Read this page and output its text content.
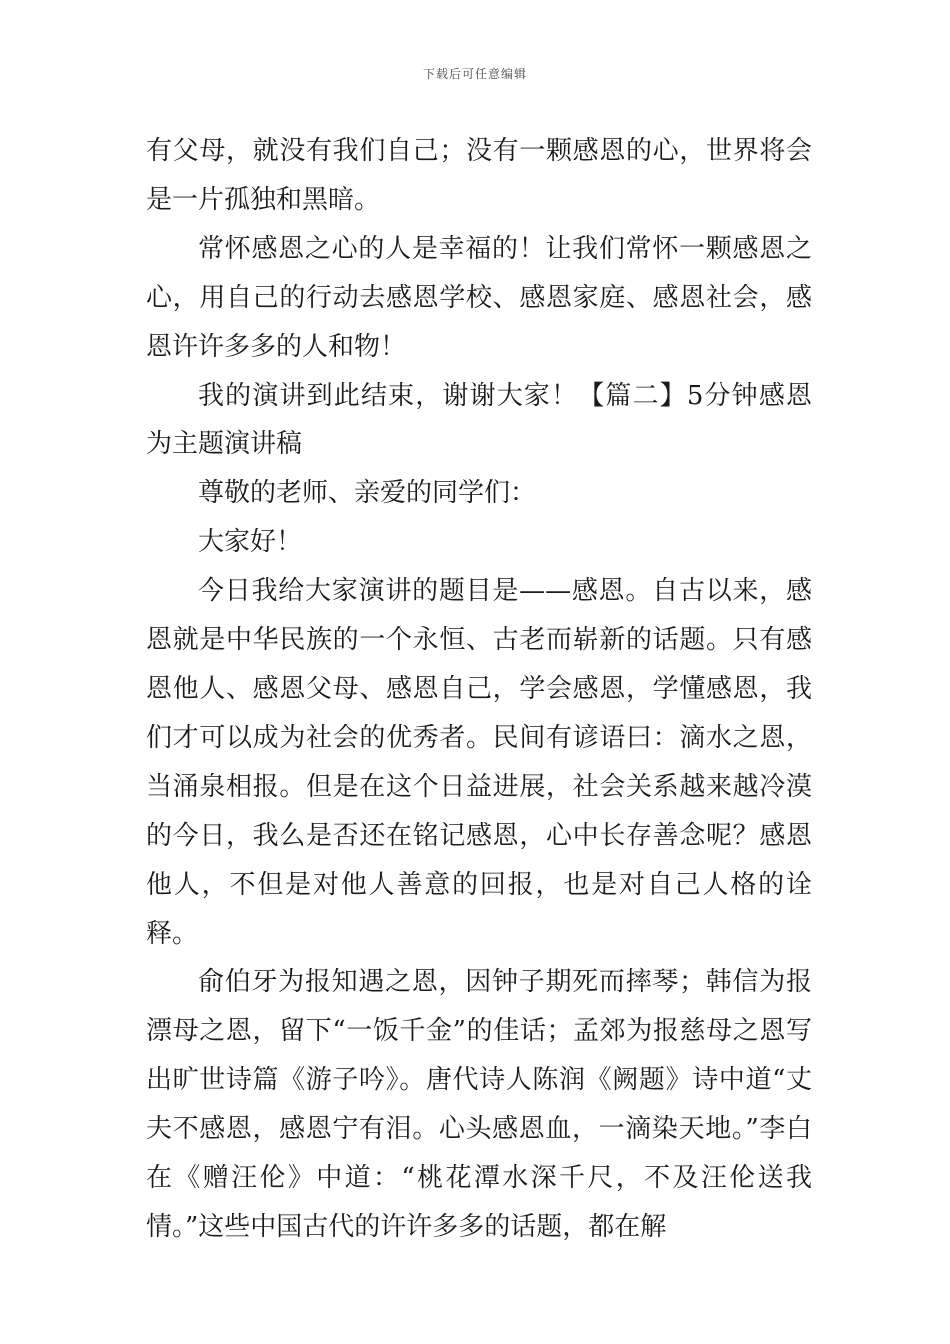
下载后可任意编辑

有父母，就没有我们自己；没有一颗感恩的心，世界将会是一片孤独和黑暗。

常怀感恩之心的人是幸福的！让我们常怀一颗感恩之心，用自己的行动去感恩学校、感恩家庭、感恩社会，感恩许许多多的人和物！

我的演讲到此结束，谢谢大家！【篇二】5分钟感恩为主题演讲稿

尊敬的老师、亲爱的同学们：

大家好！

今日我给大家演讲的题目是——感恩。自古以来，感恩就是中华民族的一个永恒、古老而崭新的话题。只有感恩他人、感恩父母、感恩自己，学会感恩，学懂感恩，我们才可以成为社会的优秀者。民间有谚语曰：滴水之恩，当涌泉相报。但是在这个日益进展，社会关系越来越冷漠的今日，我么是否还在铭记感恩，心中长存善念呢？感恩他人，不但是对他人善意的回报，也是对自己人格的诠释。

俞伯牙为报知遇之恩，因钟子期死而摔琴；韩信为报漂母之恩，留下“一饭千金”的佳话；孟郊为报慈母之恩写出旷世诗篇《游子吟》。唐代诗人陈润《阙题》诗中道“丈夫不感恩，感恩宁有泪。心头感恩血，一滴染天地。”李白在《赠汪伦》中道：“桃花潭水深千尺，不及汪伦送我情。”这些中国古代的许许多多的话题，都在解
